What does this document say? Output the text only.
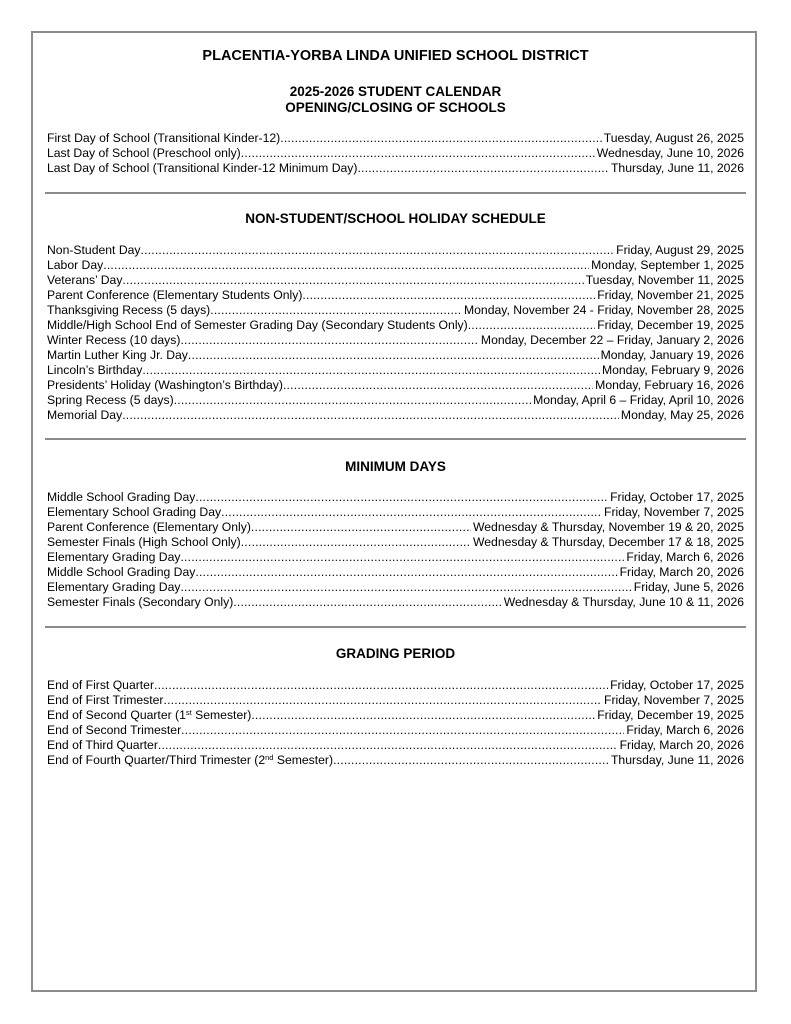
PLACENTIA-YORBA LINDA UNIFIED SCHOOL DISTRICT
2025-2026 STUDENT CALENDAR
OPENING/CLOSING OF SCHOOLS
First Day of School (Transitional Kinder-12) .....	Tuesday, August 26, 2025
Last Day of School (Preschool only) .....	Wednesday, June 10, 2026
Last Day of School (Transitional Kinder-12 Minimum Day) .....	Thursday, June 11, 2026
NON-STUDENT/SCHOOL HOLIDAY SCHEDULE
Non-Student Day .....	Friday, August 29, 2025
Labor Day .....	Monday, September 1, 2025
Veterans’ Day .....	Tuesday, November 11, 2025
Parent Conference (Elementary Students Only) .....	Friday, November 21, 2025
Thanksgiving Recess (5 days) .....	Monday, November 24 - Friday, November 28, 2025
Middle/High School End of Semester Grading Day (Secondary Students Only) .....	Friday, December 19, 2025
Winter Recess (10 days) .....	Monday, December 22 – Friday, January 2, 2026
Martin Luther King Jr. Day .....	Monday, January 19, 2026
Lincoln’s Birthday .....	Monday, February 9, 2026
Presidents’ Holiday (Washington’s Birthday) .....	Monday, February 16, 2026
Spring Recess (5 days) .....	Monday, April 6 – Friday, April 10, 2026
Memorial Day .....	Monday, May 25, 2026
MINIMUM DAYS
Middle School Grading Day .....	Friday, October 17, 2025
Elementary School Grading Day .....	Friday, November 7, 2025
Parent Conference (Elementary Only) .....	Wednesday & Thursday, November 19 & 20, 2025
Semester Finals (High School Only) .....	Wednesday & Thursday, December 17 & 18, 2025
Elementary Grading Day .....	Friday, March 6, 2026
Middle School Grading Day .....	Friday, March 20, 2026
Elementary Grading Day .....	Friday, June 5, 2026
Semester Finals (Secondary Only) .....	Wednesday & Thursday, June 10 & 11, 2026
GRADING PERIOD
End of First Quarter .....	Friday, October 17, 2025
End of First Trimester .....	Friday, November 7, 2025
End of Second Quarter (1st Semester) .....	Friday, December 19, 2025
End of Second Trimester .....	Friday, March 6, 2026
End of Third Quarter .....	Friday, March 20, 2026
End of Fourth Quarter/Third Trimester (2nd Semester) .....	Thursday, June 11, 2026
